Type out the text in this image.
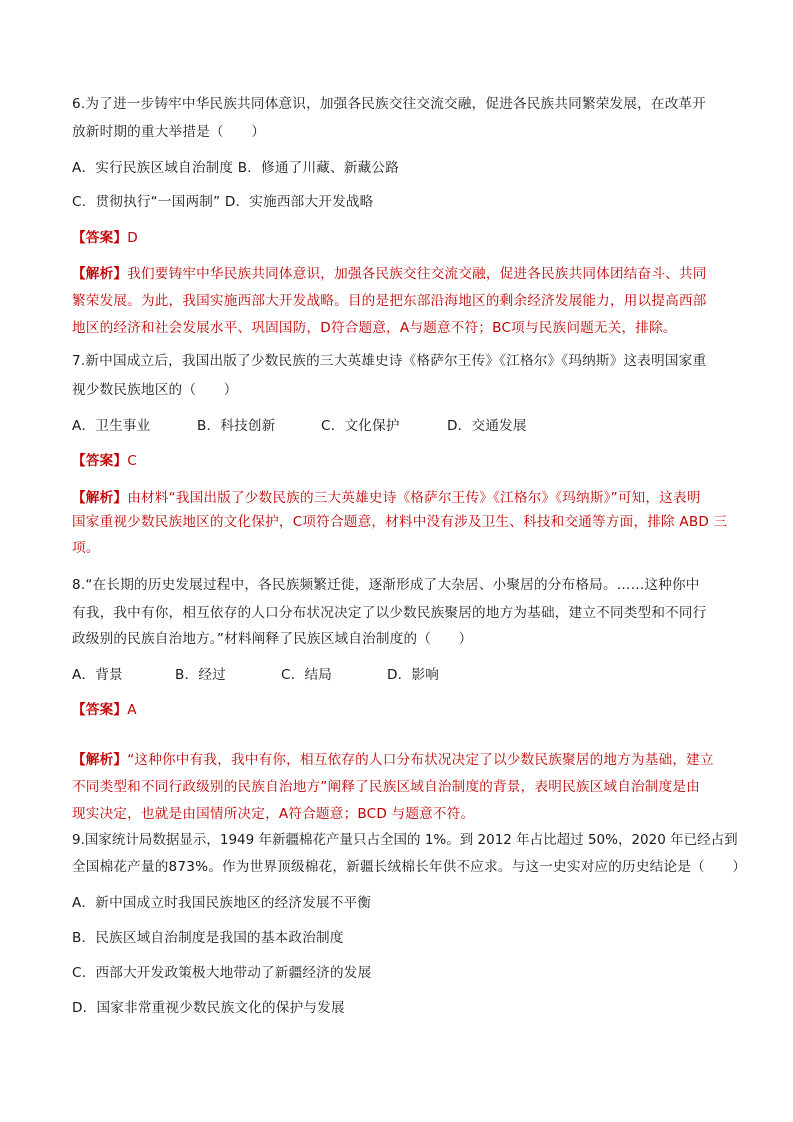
6.为了进一步铸牢中华民族共同体意识，加强各民族交往交流交融，促进各民族共同繁荣发展，在改革开
放新时期的重大举措是（　　）
A．实行民族区域自治制度 B．修通了川藏、新藏公路
C．贯彻执行“一国两制” D．实施西部大开发战略
【答案】D
【解析】我们要铸牢中华民族共同体意识，加强各民族交往交流交融，促进各民族共同体团结奋斗、共同
繁荣发展。为此，我国实施西部大开发战略。目的是把东部沿海地区的剩余经济发展能力，用以提高西部
地区的经济和社会发展水平、巩固国防，D符合题意，A与题意不符；BC项与民族问题无关，排除。
7.新中国成立后，我国出版了少数民族的三大英雄史诗《格萨尔王传》《江格尔》《玛纳斯》这表明国家重
视少数民族地区的（　　）
A．卫生事业	B．科技创新	C．文化保护	D．交通发展
【答案】C
【解析】由材料“我国出版了少数民族的三大英雄史诗《格萨尔王传》《江格尔》《玛纳斯》”可知，这表明
国家重视少数民族地区的文化保护，C项符合题意，材料中没有涉及卫生、科技和交通等方面，排除 ABD 三
项。
8.“在长期的历史发展过程中，各民族频繁迁徙，逐渐形成了大杂居、小聚居的分布格局。……这种你中
有我，我中有你，相互依存的人口分布状况决定了以少数民族聚居的地方为基础，建立不同类型和不同行
政级别的民族自治地方。”材料阐释了民族区域自治制度的（　　）
A．背景	B．经过	C．结局	D．影响
【答案】A
【解析】“这种你中有我，我中有你，相互依存的人口分布状况决定了以少数民族聚居的地方为基础，建立
不同类型和不同行政级别的民族自治地方”阐释了民族区域自治制度的背景，表明民族区域自治制度是由
现实决定，也就是由国情所决定，A符合题意；BCD 与题意不符。
9.国家统计局数据显示，1949 年新疆棉花产量只占全国的 1%。到 2012 年占比超过 50%，2020 年已经占到
全国棉花产量的873%。作为世界顶级棉花，新疆长绒棉长年供不应求。与这一史实对应的历史结论是（　　）
A．新中国成立时我国民族地区的经济发展不平衡
B．民族区域自治制度是我国的基本政治制度
C．西部大开发政策极大地带动了新疆经济的发展
D．国家非常重视少数民族文化的保护与发展
